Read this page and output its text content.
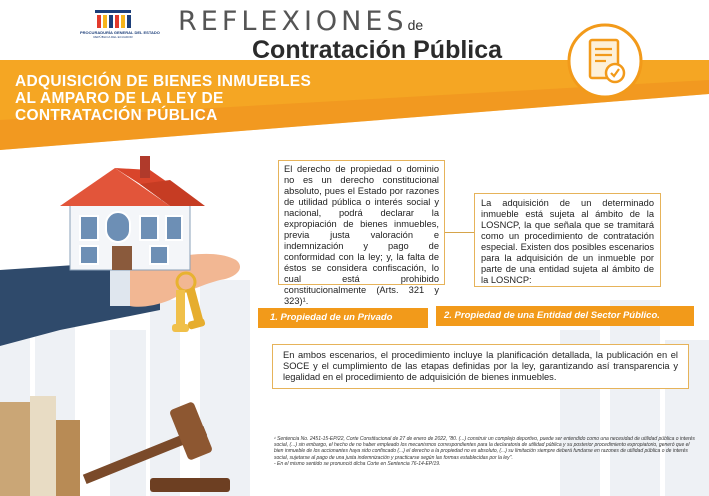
PROCURADURÍA GENERAL DEL ESTADO
REPÚBLICA DEL ECUADOR	REFLEXIONESde
Contratación Pública
ADQUISICIÓN DE BIENES INMUEBLES
AL AMPARO DE LA LEY DE
CONTRATACIÓN PÚBLICA
El derecho de propiedad o dominio no es un derecho constitucional absoluto, pues el Estado por razones de utilidad pública o interés social y nacional, podrá declarar la expropiación de bienes inmuebles, previa justa valoración e indemnización y pago de conformidad con la ley; y, la falta de éstos se considera confiscación, lo cual está prohibido constitucionalmente (Arts. 321 y 323)¹.
La adquisición de un determinado inmueble está sujeta al ámbito de la LOSNCP, la que señala que se tramitará como un procedimiento de contratación especial. Existen dos posibles escenarios para la adquisición de un inmueble por parte de una entidad sujeta al ámbito de la LOSNCP:
1. Propiedad de un Privado	2. Propiedad de una Entidad del Sector Público.
En ambos escenarios, el procedimiento incluye la planificación detallada, la publicación en el SOCE y el cumplimiento de las etapas definidas por la ley, garantizando así transparencia y legalidad en el procedimiento de adquisición de bienes inmuebles.
¹ Sentencia No. 2451-15-EP/22, Corte Constitucional de 27 de enero de 2022, "80. (...) construir un complejo deportivo, puede ser entendido como una necesidad de utilidad pública o interés social, (...) sin embargo, el hecho de no haber empleado los mecanismos correspondientes para la declaratoria de utilidad pública y su posterior procedimiento expropiatorio, generó que el bien inmueble de los accionantes haya sido confiscado (...) el derecho a la propiedad no es absoluto, (...) su limitación siempre deberá fundarse en razones de utilidad pública o de interés social, sujetarse al pago de una justa indemnización y practicarse según las formas establecidas por la ley".
- En el mismo sentido se pronunció dicha Corte en Sentencia 76-14-EP/19.
